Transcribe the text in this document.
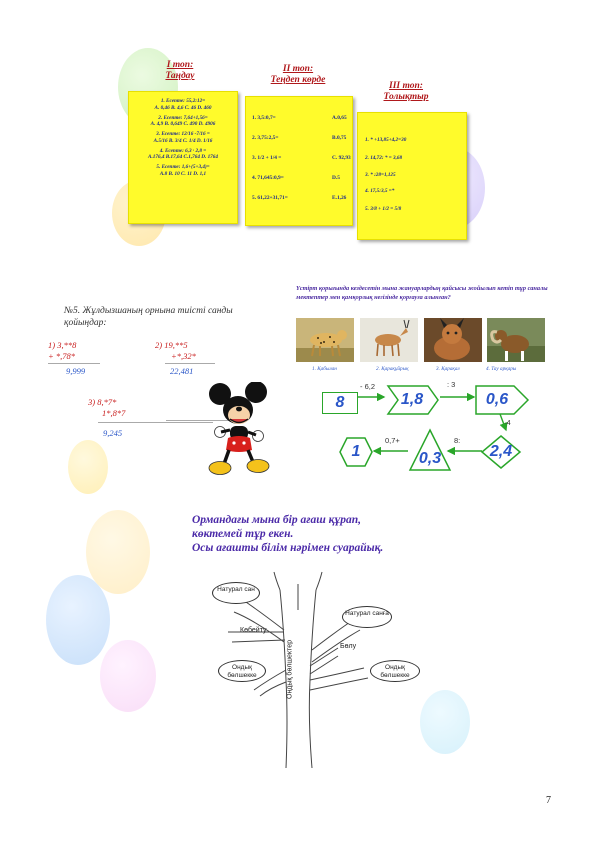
І топ:
Таңдау
ІІ топ:
Теңдеп көрде
ІІІ топ:
Толықтыр
1. Есепте: 55,2:12=
А. 0,46 В. 4,6 С. 46 D. 460
2. Есепте: 7,64+1,56=
А. 4,9 В. 0,649 С. 490 D. 4906
3. Есепте: 12/16 -7/16 =
А.5/16 В. 3/4 С. 1/4 D. 1/16
4. Есепте: 6,3 · 2,8 =
А.176,4 В.17,64 С.1,764 D. 1764
5. Есепте: 1,6+(5+3,4)=
А.8 В. 10 С. 11 D. 1,1
1. 3,5:0,7=	А.0,65
2. 3,75:2,5=	В.0,75
3. 1/2 + 1/4 =	С. 92,93
4. 71,645:0,9=	D.5
5. 61,22+31,71=	Е.1,26
1. * +13,85+4,2=30
2. 14,72: * = 3,68
3. * :28=1,125
4. 17,5:3,5 =*
5. 3/8 + 1/2 = 5/8
№5. Жұлдызшаның орнына тиісті санды қойыңдар:
1) 3,**8
+ *,78*
9,999
2) 19,**5
+*,32*
22,481
3) 8,*7*
1*,8*7
9,245
Үстірт қорығында кездесетін мына жануарлардың қайсысы жойылып кетіп тұр саналы мектептер мен қамқорлық негізінде қорғауға алынған?
1. Қабылан	2. Қарақұйрық	3. Қарақал	4. Тау арқары
8	1,8	0,6
2,4
0,3
1
- 6,2	: 3
·4
8:
0,7+
Ормандағы мына бір ағаш құрап,
көктемей тұр екен.
Осы ағашты білім нәрімен суарайық.
Натурал сан
Ондық бөлшекке
Натурал санға
Ондық бөлшекке
Көбейту
Бөлу
Ондық бөлшектер
7
